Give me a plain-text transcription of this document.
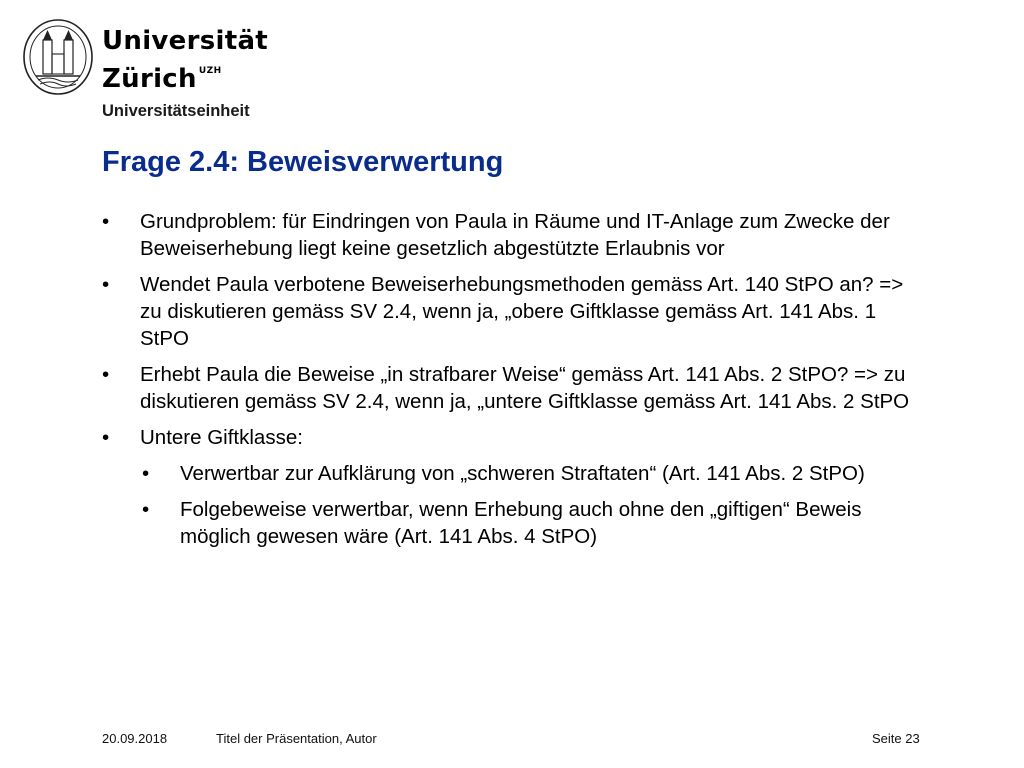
Universität
Zürich $^{UZH}$
Universitätseinheit
Frage 2.4: Beweisverwertung
• Grundproblem: für Eindringen von Paula in Räume und IT-Anlage zum Zwecke der Beweiserhebung liegt keine gesetzlich abgestützte Erlaubnis vor
• Wendet Paula verbotene Beweiserhebungsmethoden gemäss Art. 140 StPO an? => zu diskutieren gemäss SV 2.4, wenn ja, „obere Giftklasse gemäss Art. 141 Abs. 1 StPO
• Erhebt Paula die Beweise „in strafbarer Weise“ gemäss Art. 141 Abs. 2 StPO? => zu diskutieren gemäss SV 2.4, wenn ja, „untere Giftklasse gemäss Art. 141 Abs. 2 StPO
• Untere Giftklasse:
• Verwertbar zur Aufklärung von „schweren Straftaten“ (Art. 141 Abs. 2 StPO)
• Folgebeweise verwertbar, wenn Erhebung auch ohne den „giftigen“ Beweis möglich gewesen wäre (Art. 141 Abs. 4 StPO)
20.09.2018	Titel der Präsentation, Autor	Seite 23
